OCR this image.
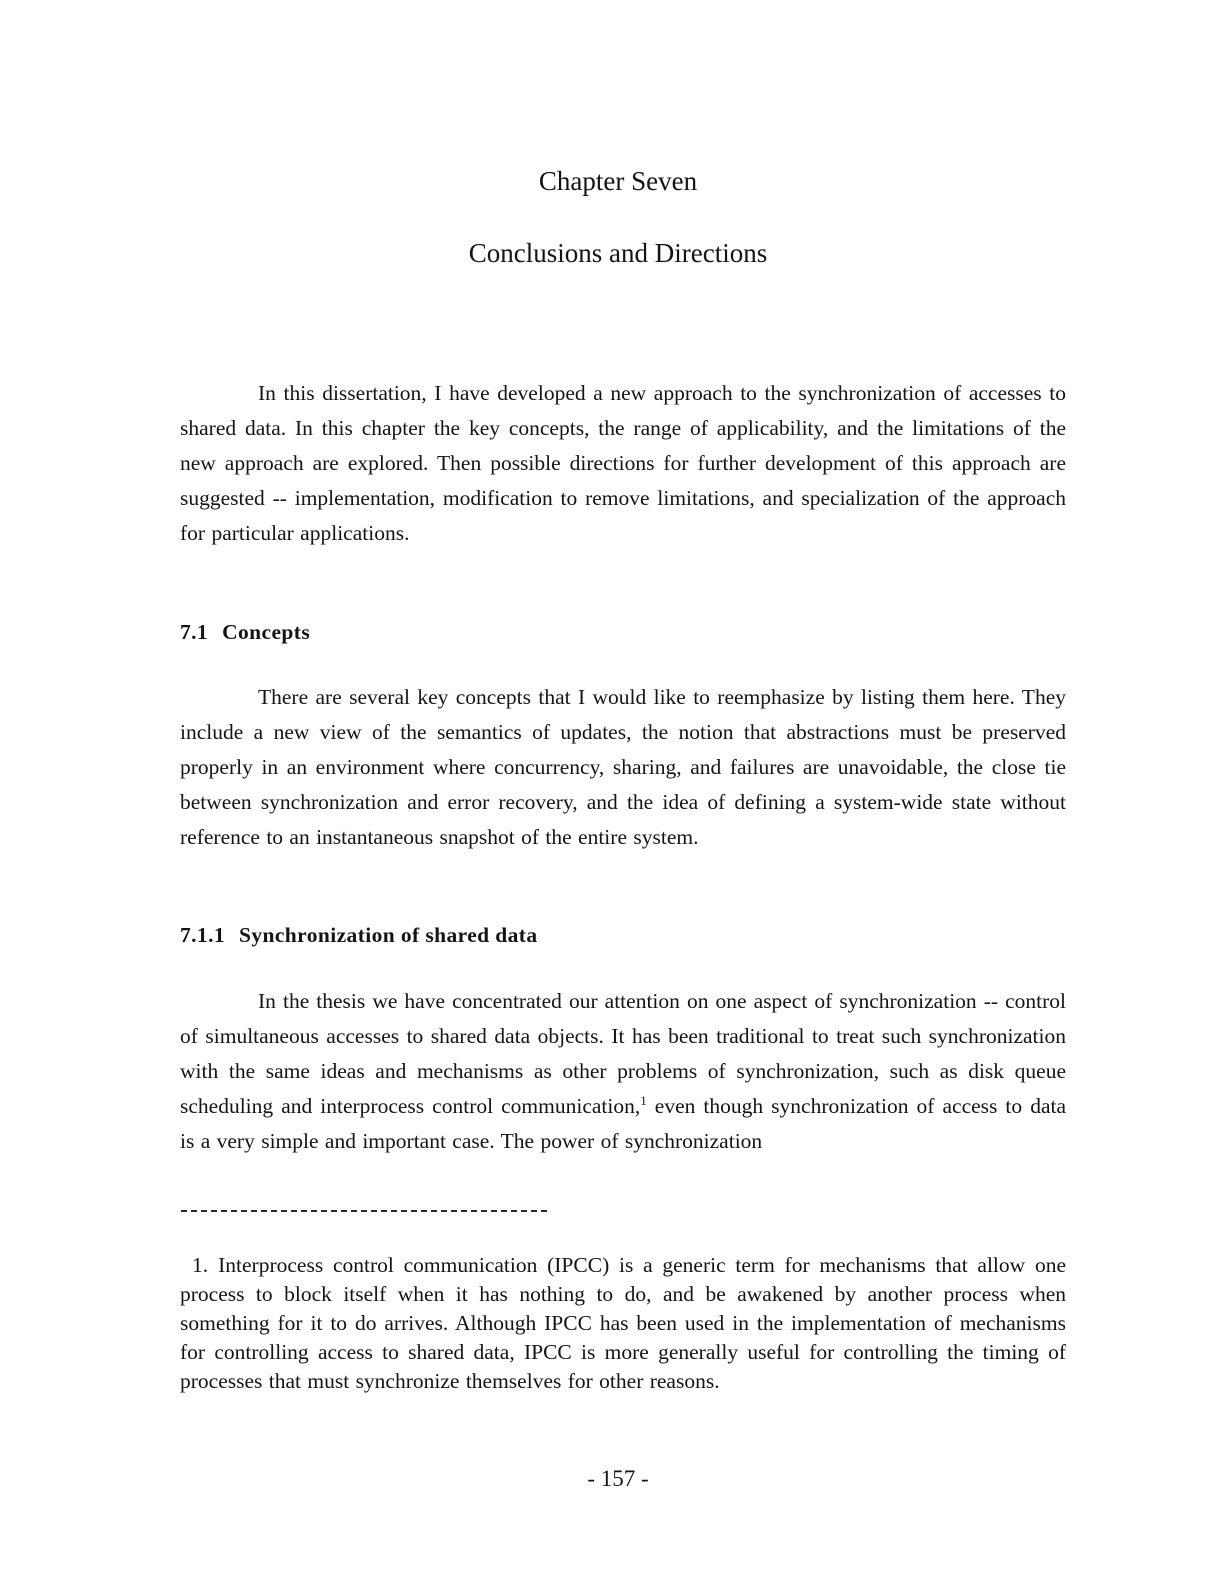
Chapter Seven
Conclusions and Directions

In this dissertation, I have developed a new approach to the synchronization of accesses to shared data. In this chapter the key concepts, the range of applicability, and the limitations of the new approach are explored. Then possible directions for further development of this approach are suggested -- implementation, modification to remove limitations, and specialization of the approach for particular applications.

7.1 Concepts

There are several key concepts that I would like to reemphasize by listing them here. They include a new view of the semantics of updates, the notion that abstractions must be preserved properly in an environment where concurrency, sharing, and failures are unavoidable, the close tie between synchronization and error recovery, and the idea of defining a system-wide state without reference to an instantaneous snapshot of the entire system.

7.1.1 Synchronization of shared data

In the thesis we have concentrated our attention on one aspect of synchronization -- control of simultaneous accesses to shared data objects. It has been traditional to treat such synchronization with the same ideas and mechanisms as other problems of synchronization, such as disk queue scheduling and interprocess control communication,$^1$ even though synchronization of access to data is a very simple and important case. The power of synchronization

1. Interprocess control communication (IPCC) is a generic term for mechanisms that allow one process to block itself when it has nothing to do, and be awakened by another process when something for it to do arrives. Although IPCC has been used in the implementation of mechanisms for controlling access to shared data, IPCC is more generally useful for controlling the timing of processes that must synchronize themselves for other reasons.

- 157 -
